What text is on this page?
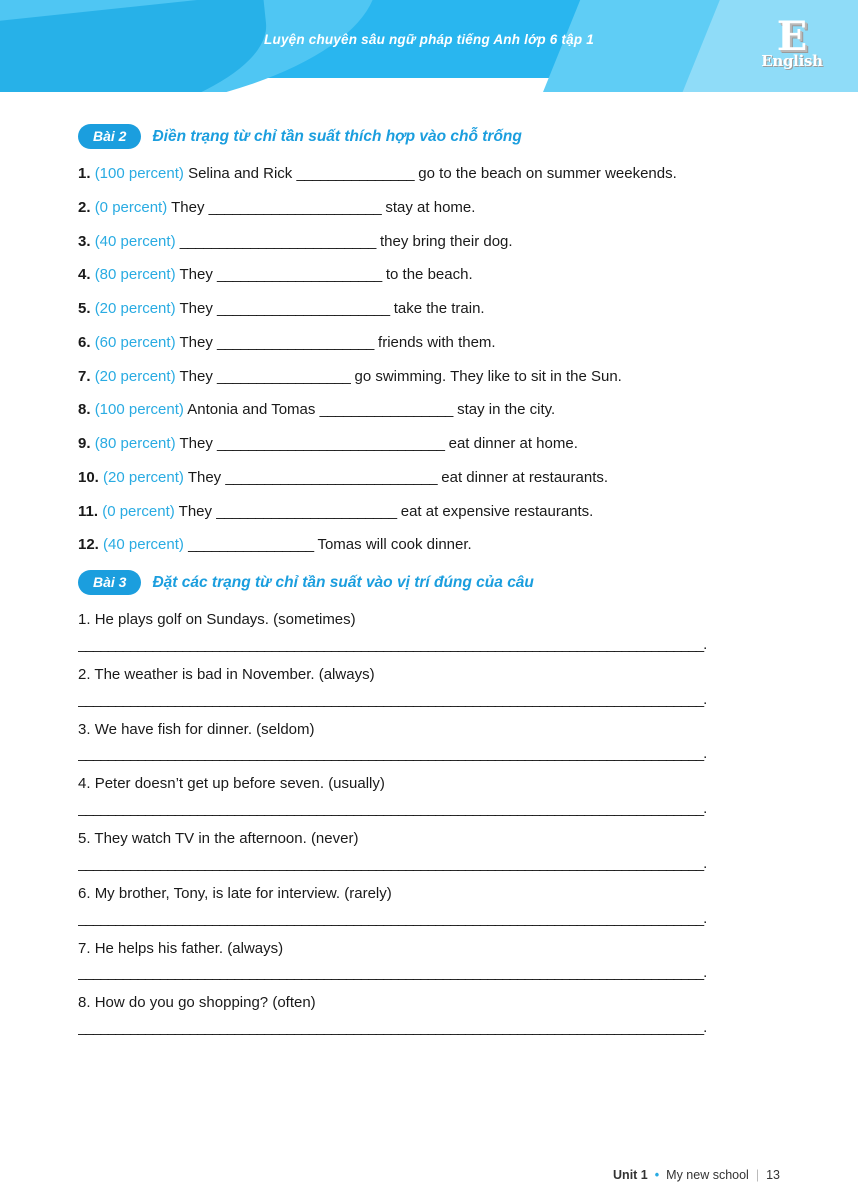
Luyện chuyên sâu ngữ pháp tiếng Anh lớp 6 tập 1	E
English
Bài 2	Điền trạng từ chỉ tần suất thích hợp vào chỗ trống

1. (100 percent) Selina and Rick _______________ go to the beach on summer weekends.

2. (0 percent) They ______________________ stay at home.

3. (40 percent) _________________________ they bring their dog.

4. (80 percent) They _____________________ to the beach.

5. (20 percent) They ______________________ take the train.

6. (60 percent) They ____________________ friends with them.

7. (20 percent) They _________________ go swimming. They like to sit in the Sun.

8. (100 percent) Antonia and Tomas _________________ stay in the city.

9. (80 percent) They _____________________________ eat dinner at home.

10. (20 percent) They ___________________________ eat dinner at restaurants.

11. (0 percent) They _______________________ eat at expensive restaurants.

12. (40 percent) ________________ Tomas will cook dinner.

Bài 3	Đặt các trạng từ chỉ tần suất vào vị trí đúng của câu

1. He plays golf on Sundays. (sometimes)

____________________________________________________________________________________.

2. The weather is bad in November. (always)

____________________________________________________________________________________.

3. We have fish for dinner. (seldom)

____________________________________________________________________________________.

4. Peter doesn’t get up before seven. (usually)

____________________________________________________________________________________.

5. They watch TV in the afternoon. (never)

____________________________________________________________________________________.

6. My brother, Tony, is late for interview. (rarely)

____________________________________________________________________________________.

7. He helps his father. (always)

____________________________________________________________________________________.

8. How do you go shopping? (often)

____________________________________________________________________________________.

Unit 1 • My new school | 13
